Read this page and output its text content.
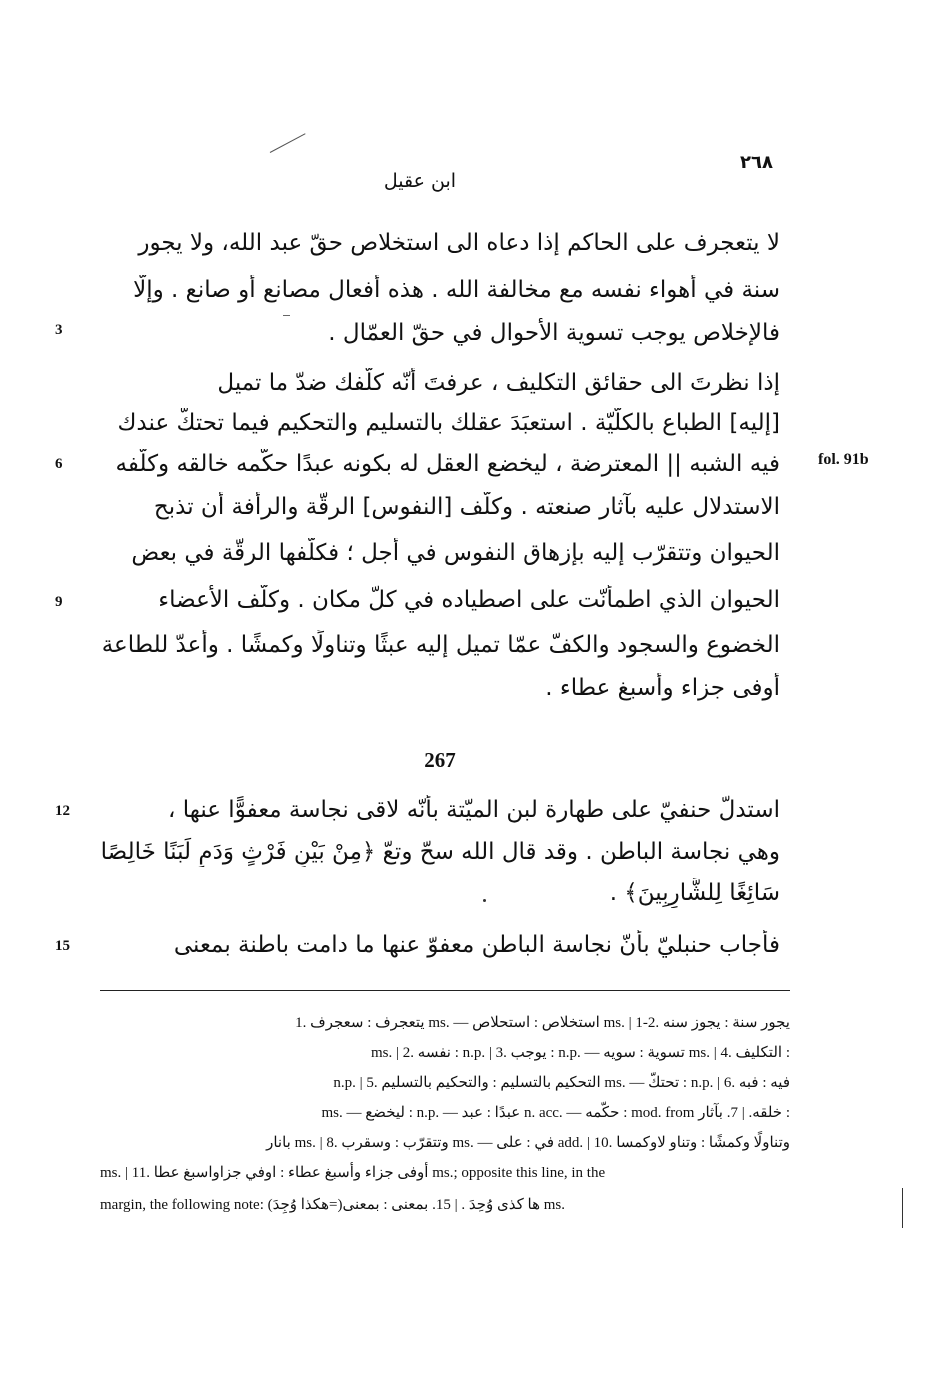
٢٦٨
ابن عقيل
لا يتعجرف على الحاكم إذا دعاه الى استخلاص حقّ عبد الله، ولا يجور
سنة في أهواء نفسه مع مخالفة الله . هذه أفعال مصانع أو صانع . وإلّا
فالإخلاص يوجب تسوية الأحوال في حقّ العمّال .
3
إذا نظرتَ الى حقائق التكليف ، عرفتَ أنّه كلّفك ضدّ ما تميل
[إليه] الطباع بالكلّيّة . استعبَدَ عقلك بالتسليم والتحكيم فيما تحتكّ عندك
فيه الشبه || المعترضة ، ليخضع العقل له بكونه عبدًا حكّمه خالقه وكلّفه
الاستدلال عليه بآثار صنعته . وكلّف [النفوس] الرقّة والرأفة أن تذبح
الحيوان وتتقرّب إليه بإزهاق النفوس في أجل ؛ فكلّفها الرقّة في بعض
الحيوان الذي اطمأنّت على اصطياده في كلّ مكان . وكلّف الأعضاء
الخضوع والسجود والكفّ عمّا تميل إليه عبثًا وتناولًا وكمشًا . وأعدّ للطاعة
أوفى جزاء وأسبغ عطاء .
6
9
fol. 91b
267
استدلّ حنفيّ على طهارة لبن الميّتة بأنّه لاقى نجاسة معفوًّا عنها ،
وهي نجاسة الباطن . وقد قال الله سحّ وتعّ ﴿مِنْ بَيْنِ فَرْثٍ وَدَمٍ لَبَنًا خَالِصًا
سَائِغًا لِلشَّارِبِينَ﴾ .
فأجاب حنبليّ بأنّ نجاسة الباطن معفوّ عنها ما دامت باطنة بمعنى
12
15
1. يتعجرف : سعجرف ms. — استخلاص : استحلاص ms. | 1-2. يجور سنة : يجوز سنه
ms. | 2. نفسه : n.p. | 3. يوجب : n.p. — تسوية : سويه ms. | 4. التكليف :
n.p. | 5. التحكيم بالتسليم : والتحكيم بالتسليم ms. — تحتكّ : n.p. | 6. فيه : فبه
ms. — ليخضع : n.p. — عبدًا : عبد n. acc. — حكّمه : mod. from خلقه. | 7. بآثار :
بانار ms. | 8. وتتقرّب : وسقرب ms. — في : على add. | 10. وتناولًا وكمشًا : وتناو لاوكمسا
ms. | 11. أوفى جزاء وأسبغ عطاء : اوفي جزاواسبغ عطا ms.; opposite this line, in the
margin, the following note: (هكذا وُجِدَ=)ها كذى وُحِدَ . | 15. بمعنى : بمعنى ms.
